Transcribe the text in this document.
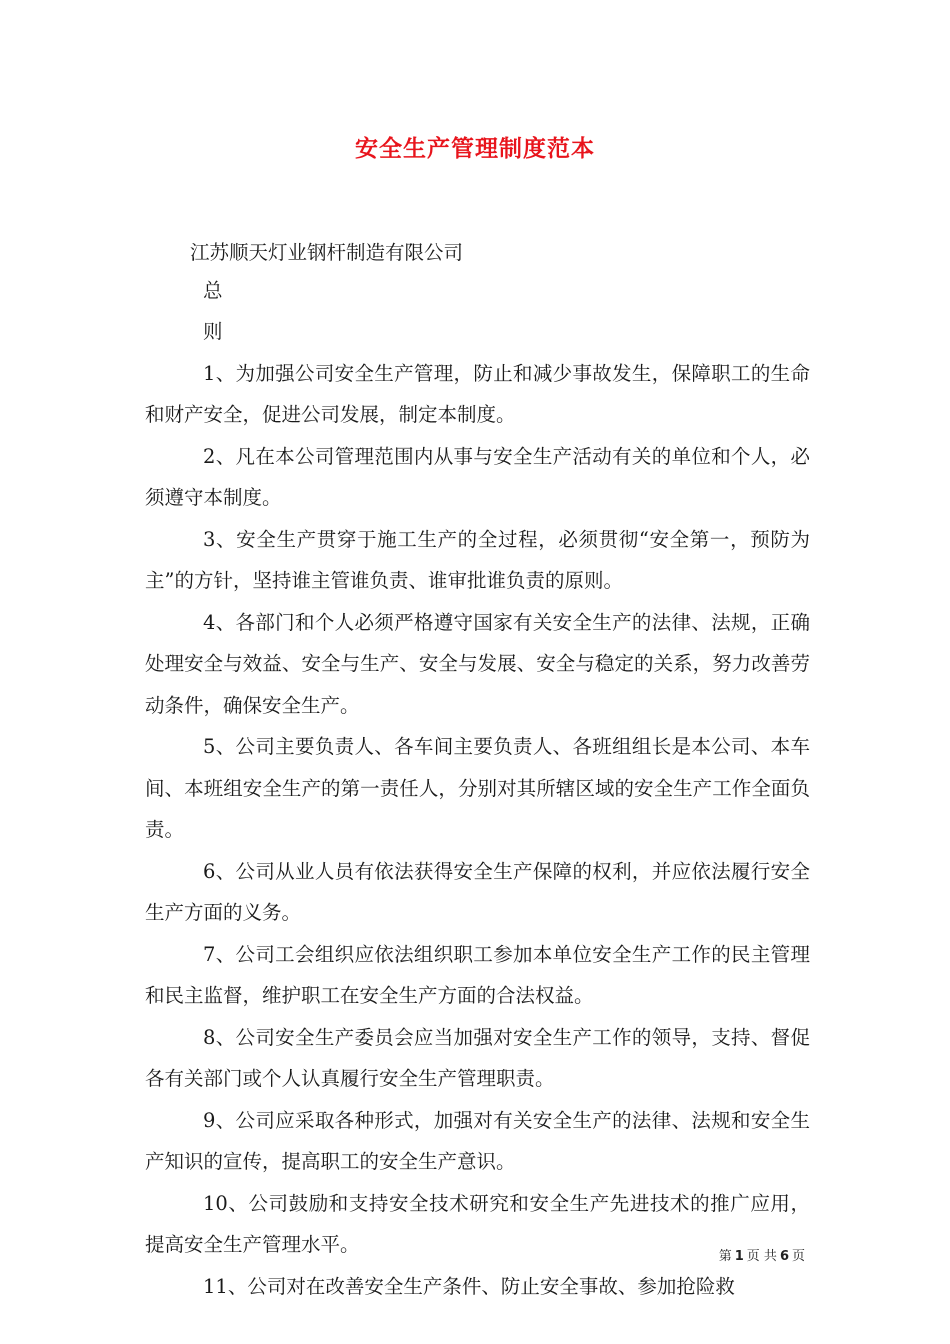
安全生产管理制度范本
江苏顺天灯业钢杆制造有限公司
总
则
1、为加强公司安全生产管理，防止和减少事故发生，保障职工的生命和财产安全，促进公司发展，制定本制度。
2、凡在本公司管理范围内从事与安全生产活动有关的单位和个人，必须遵守本制度。
3、安全生产贯穿于施工生产的全过程，必须贯彻“安全第一，预防为主”的方针，坚持谁主管谁负责、谁审批谁负责的原则。
4、各部门和个人必须严格遵守国家有关安全生产的法律、法规，正确处理安全与效益、安全与生产、安全与发展、安全与稳定的关系，努力改善劳动条件，确保安全生产。
5、公司主要负责人、各车间主要负责人、各班组组长是本公司、本车间、本班组安全生产的第一责任人，分别对其所辖区域的安全生产工作全面负责。
6、公司从业人员有依法获得安全生产保障的权利，并应依法履行安全生产方面的义务。
7、公司工会组织应依法组织职工参加本单位安全生产工作的民主管理和民主监督，维护职工在安全生产方面的合法权益。
8、公司安全生产委员会应当加强对安全生产工作的领导，支持、督促各有关部门或个人认真履行安全生产管理职责。
9、公司应采取各种形式，加强对有关安全生产的法律、法规和安全生产知识的宣传，提高职工的安全生产意识。
10、公司鼓励和支持安全技术研究和安全生产先进技术的推广应用，提高安全生产管理水平。
11、公司对在改善安全生产条件、防止安全事故、参加抢险救
第 1 页 共 6 页
